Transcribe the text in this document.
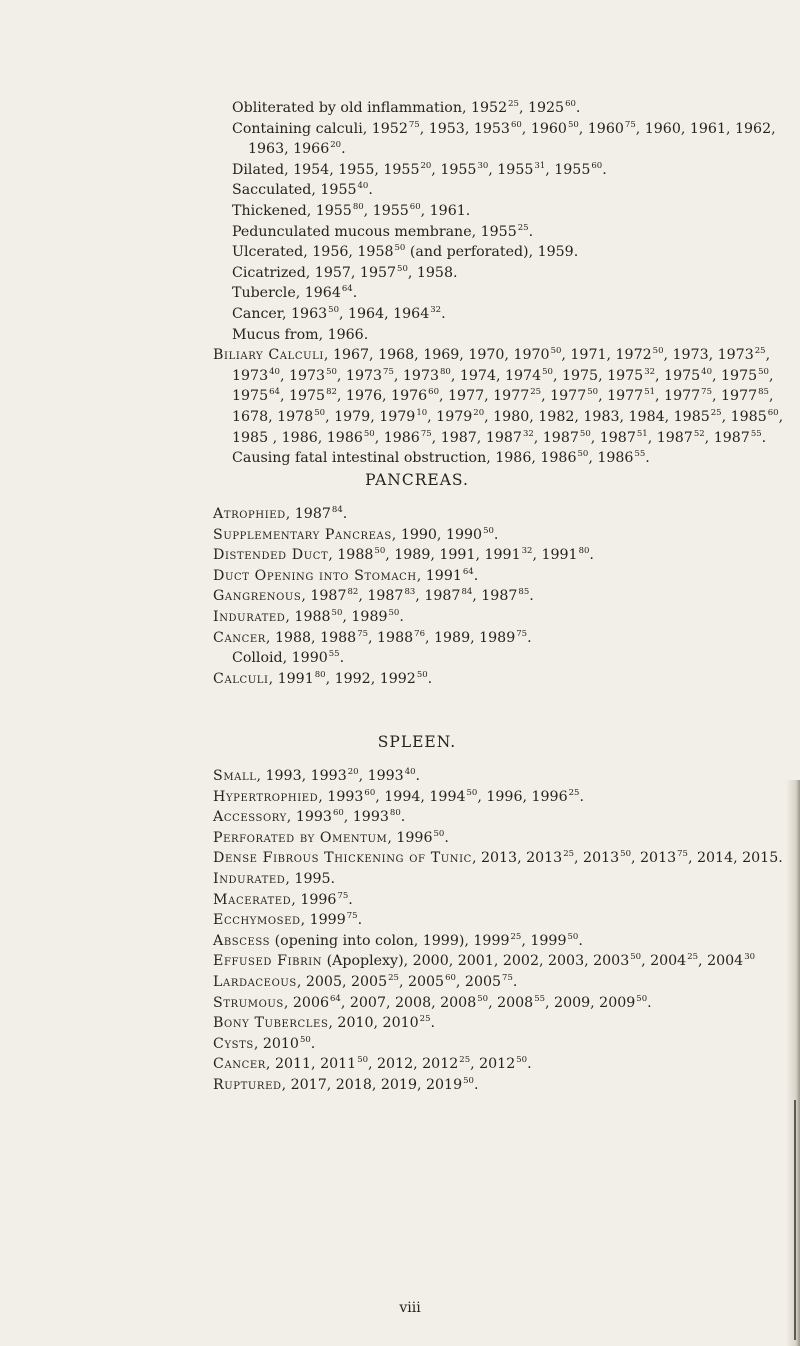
Obliterated by old inflammation, 1952$^{25}$, 1925$^{60}$.

Containing calculi, 1952$^{75}$, 1953, 1953$^{60}$, 1960$^{50}$, 1960$^{75}$, 1960, 1961, 1962,

1963, 1966$^{20}$.

Dilated, 1954, 1955, 1955$^{20}$, 1955$^{30}$, 1955$^{31}$, 1955$^{60}$.

Sacculated, 1955$^{40}$.

Thickened, 1955$^{80}$, 1955$^{60}$, 1961.

Pedunculated mucous membrane, 1955$^{25}$.

Ulcerated, 1956, 1958$^{50}$ (and perforated), 1959.

Cicatrized, 1957, 1957$^{50}$, 1958.

Tubercle, 1964$^{64}$.

Cancer, 1963$^{50}$, 1964, 1964$^{32}$.

Mucus from, 1966.

Biliary Calculi, 1967, 1968, 1969, 1970, 1970$^{50}$, 1971, 1972$^{50}$, 1973, 1973$^{25}$,

1973$^{40}$, 1973$^{50}$, 1973$^{75}$, 1973$^{80}$, 1974, 1974$^{50}$, 1975, 1975$^{32}$, 1975$^{40}$, 1975$^{50}$,

1975$^{64}$, 1975$^{82}$, 1976, 1976$^{60}$, 1977, 1977$^{25}$, 1977$^{50}$, 1977$^{51}$, 1977$^{75}$, 1977$^{85}$,

1678, 1978$^{50}$, 1979, 1979$^{10}$, 1979$^{20}$, 1980, 1982, 1983, 1984, 1985$^{25}$, 1985$^{60}$,

1985 , 1986, 1986$^{50}$, 1986$^{75}$, 1987, 1987$^{32}$, 1987$^{50}$, 1987$^{51}$, 1987$^{52}$, 1987$^{55}$.

Causing fatal intestinal obstruction, 1986, 1986$^{50}$, 1986$^{55}$.

PANCREAS.

Atrophied, 1987$^{84}$.

Supplementary Pancreas, 1990, 1990$^{50}$.

Distended Duct, 1988$^{50}$, 1989, 1991, 1991$^{32}$, 1991$^{80}$.

Duct Opening into Stomach, 1991$^{64}$.

Gangrenous, 1987$^{82}$, 1987$^{83}$, 1987$^{84}$, 1987$^{85}$.

Indurated, 1988$^{50}$, 1989$^{50}$.

Cancer, 1988, 1988$^{75}$, 1988$^{76}$, 1989, 1989$^{75}$.

Colloid, 1990$^{55}$.

Calculi, 1991$^{80}$, 1992, 1992$^{50}$.

SPLEEN.

Small, 1993, 1993$^{20}$, 1993$^{40}$.

Hypertrophied, 1993$^{60}$, 1994, 1994$^{50}$, 1996, 1996$^{25}$.

Accessory, 1993$^{60}$, 1993$^{80}$.

Perforated by Omentum, 1996$^{50}$.

Dense Fibrous Thickening of Tunic, 2013, 2013$^{25}$, 2013$^{50}$, 2013$^{75}$, 2014, 2015.

Indurated, 1995.

Macerated, 1996$^{75}$.

Ecchymosed, 1999$^{75}$.

Abscess (opening into colon, 1999), 1999$^{25}$, 1999$^{50}$.

Effused Fibrin (Apoplexy), 2000, 2001, 2002, 2003, 2003$^{50}$, 2004$^{25}$, 2004$^{30}$

Lardaceous, 2005, 2005$^{25}$, 2005$^{60}$, 2005$^{75}$.

Strumous, 2006$^{64}$, 2007, 2008, 2008$^{50}$, 2008$^{55}$, 2009, 2009$^{50}$.

Bony Tubercles, 2010, 2010$^{25}$.

Cysts, 2010$^{50}$.

Cancer, 2011, 2011$^{50}$, 2012, 2012$^{25}$, 2012$^{50}$.

Ruptured, 2017, 2018, 2019, 2019$^{50}$.

viii
